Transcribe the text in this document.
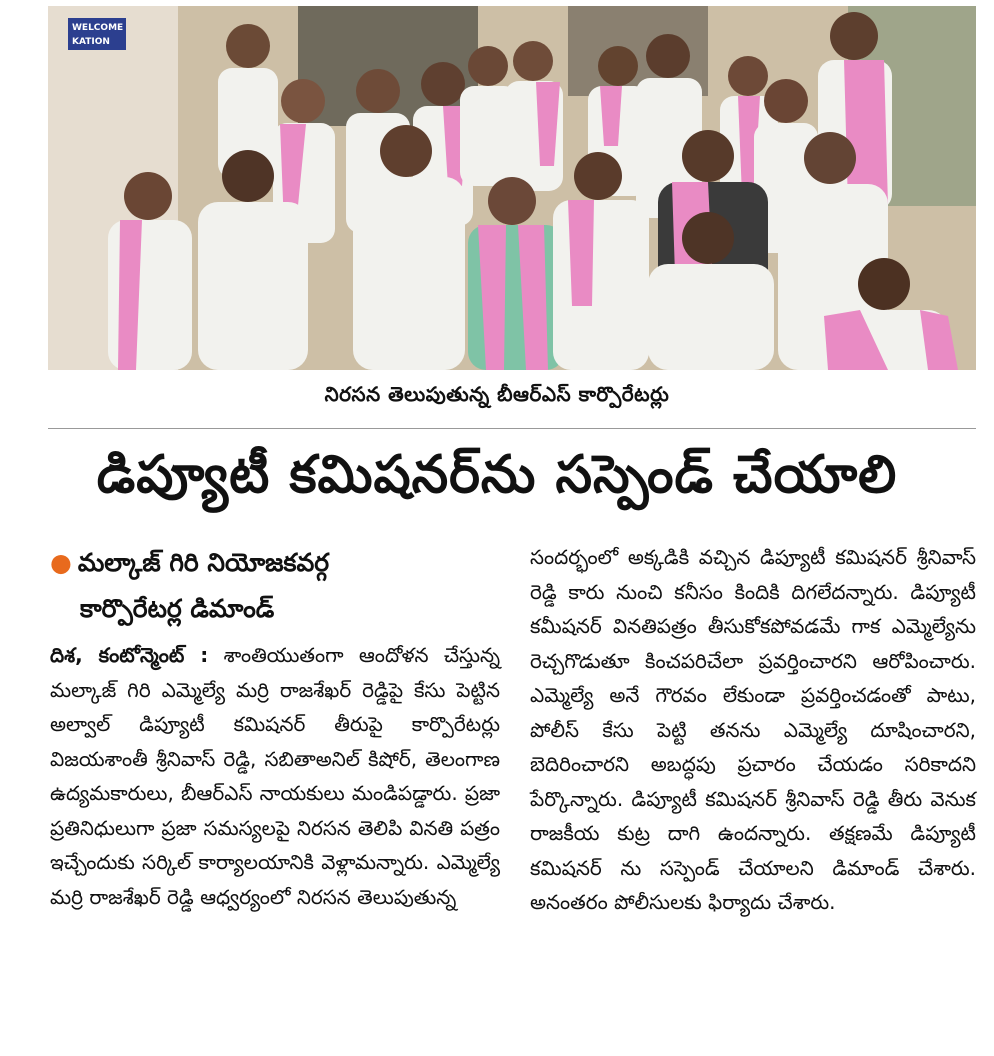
WELCOME
KATION
నిరసన తెలుపుతున్న బీఆర్ఎస్ కార్పొరేటర్లు
డిప్యూటీ కమిషనర్‌ను సస్పెండ్ చేయాలి
● మల్కాజ్ గిరి నియోజకవర్గ
కార్పొరేటర్ల డిమాండ్
దిశ, కంటోన్మెంట్ : శాంతియుతంగా ఆందోళన చేస్తున్న మల్కాజ్ గిరి ఎమ్మెల్యే మర్రి రాజశేఖర్ రెడ్డిపై కేసు పెట్టిన అల్వాల్ డిప్యూటీ కమిషనర్ తీరుపై కార్పొరేటర్లు విజయశాంతీ శ్రీనివాస్ రెడ్డి, సబితాఅనిల్ కిషోర్, తెలంగాణ ఉద్యమకారులు, బీఆర్ఎస్ నాయకులు మండిపడ్డారు. ప్రజా ప్రతినిధులుగా ప్రజా సమస్యలపై నిరసన తెలిపి వినతి పత్రం ఇచ్చేందుకు సర్కిల్ కార్యాలయానికి వెళ్లామన్నారు. ఎమ్మెల్యే మర్రి రాజశేఖర్ రెడ్డి ఆధ్వర్యంలో నిరసన తెలుపుతున్న
సందర్భంలో అక్కడికి వచ్చిన డిప్యూటీ కమిషనర్ శ్రీనివాస్ రెడ్డి కారు నుంచి కనీసం కిందికి దిగలేదన్నారు. డిప్యూటీ కమీషనర్ వినతిపత్రం తీసుకోకపోవడమే గాక ఎమ్మెల్యేను రెచ్చగొడుతూ కించపరిచేలా ప్రవర్తించారని ఆరోపించారు. ఎమ్మెల్యే అనే గౌరవం లేకుండా ప్రవర్తించడంతో పాటు, పోలీస్ కేసు పెట్టి తనను ఎమ్మెల్యే దూషించారని, బెదిరించారని అబద్ధపు ప్రచారం చేయడం సరికాదని పేర్కొన్నారు. డిప్యూటీ కమిషనర్ శ్రీనివాస్ రెడ్డి తీరు వెనుక రాజకీయ కుట్ర దాగి ఉందన్నారు. తక్షణమే డిప్యూటీ కమిషనర్ ను సస్పెండ్ చేయాలని డిమాండ్ చేశారు. అనంతరం పోలీసులకు ఫిర్యాదు చేశారు.
